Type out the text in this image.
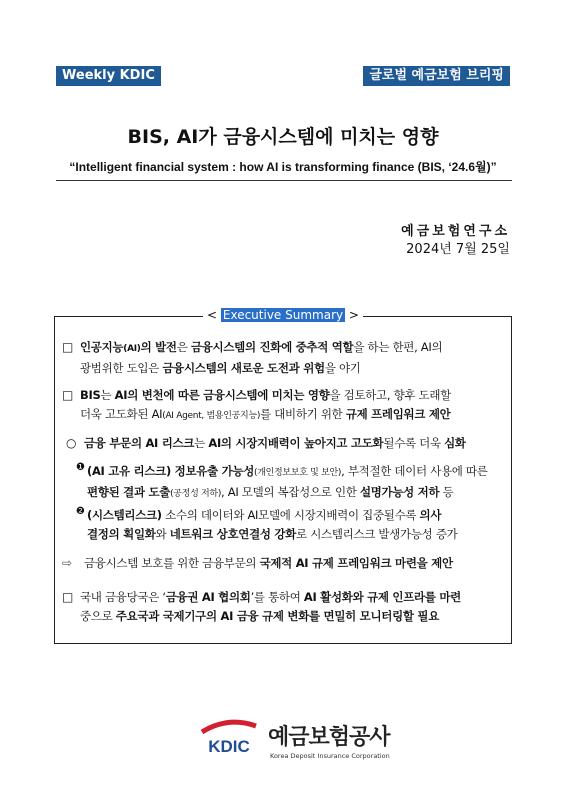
Weekly KDIC	글로벌 예금보험 브리핑
BIS, AI가 금융시스템에 미치는 영향
“Intelligent financial system : how AI is transforming finance (BIS, ‘24.6월)”
예금보험연구소
2024년 7월 25일
< Executive Summary >
□ 인공지능(AI)의 발전은 금융시스템의 진화에 중추적 역할을 하는 한편, AI의
광범위한 도입은 금융시스템의 새로운 도전과 위험을 야기
□ BIS는 AI의 변천에 따른 금융시스템에 미치는 영향을 검토하고, 향후 도래할
더욱 고도화된 AI(AI Agent, 범용인공지능)를 대비하기 위한 규제 프레임워크 제안
○ 금융 부문의 AI 리스크는 AI의 시장지배력이 높아지고 고도화될수록 더욱 심화
❶ (AI 고유 리스크) 정보유출 가능성(개인정보보호 및 보안), 부적절한 데이터 사용에 따른
편향된 결과 도출(공정성 저하), AI 모델의 복잡성으로 인한 설명가능성 저하 등
❷ (시스템리스크) 소수의 데이터와 AI모델에 시장지배력이 집중될수록 의사
결정의 획일화와 네트워크 상호연결성 강화로 시스템리스크 발생가능성 증가
⇨ 금융시스템 보호를 위한 금융부문의 국제적 AI 규제 프레임워크 마련을 제안
□ 국내 금융당국은 ‘금융권 AI 협의회’를 통하여 AI 활성화와 규제 인프라를 마련
중으로 주요국과 국제기구의 AI 금융 규제 변화를 면밀히 모니터링할 필요
KDIC 예금보험공사
Korea Deposit Insurance Corporation
